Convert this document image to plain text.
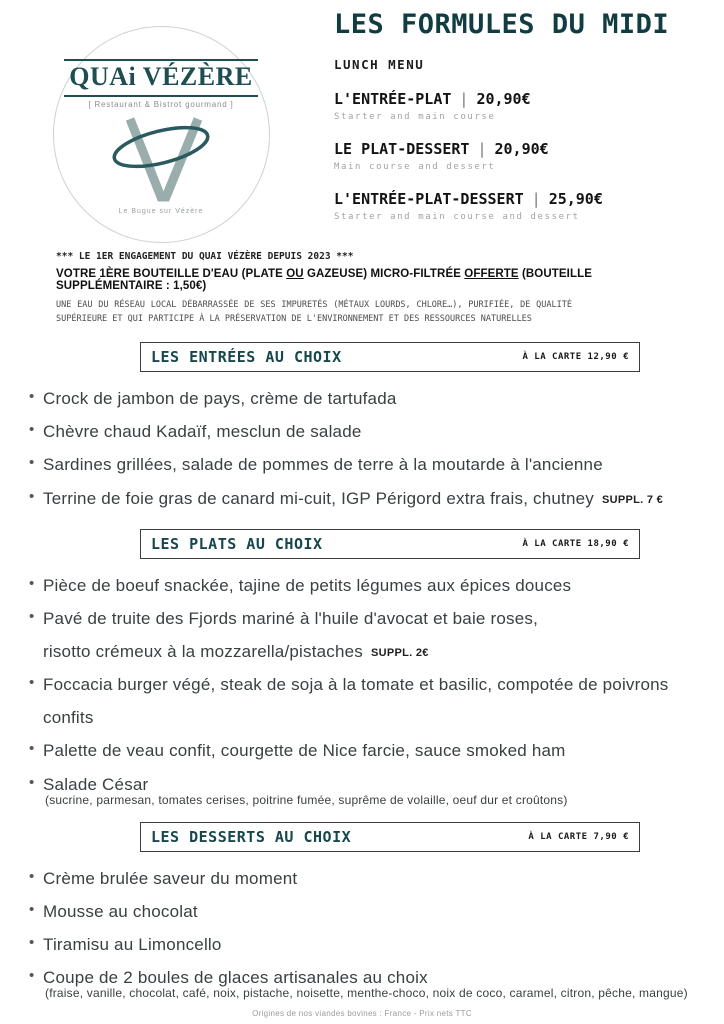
QUAi VÉZÈRE
[ Restaurant & Bistrot gourmand ]
Le Bugue sur Vézère
LES FORMULES DU MIDI
LUNCH MENU
L'ENTRÉE-PLAT | 20,90€
Starter and main course
LE PLAT-DESSERT | 20,90€
Main course and dessert
L'ENTRÉE-PLAT-DESSERT | 25,90€
Starter and main course and dessert
*** LE 1ER ENGAGEMENT DU QUAI VÉZÈRE DEPUIS 2023 ***
VOTRE 1ÈRE BOUTEILLE D'EAU (PLATE OU GAZEUSE) MICRO-FILTRÉE OFFERTE (BOUTEILLE SUPPLÉMENTAIRE : 1,50€)
UNE EAU DU RÉSEAU LOCAL DÉBARRASSÉE DE SES IMPURETÉS (MÉTAUX LOURDS, CHLORE…), PURIFIÉE, DE QUALITÉ SUPÉRIEURE ET QUI PARTICIPE À LA PRÉSERVATION DE L'ENVIRONNEMENT ET DES RESSOURCES NATURELLES
LES ENTRÉES AU CHOIX	À LA CARTE 12,90 €
• Crock de jambon de pays, crème de tartufada
• Chèvre chaud Kadaïf, mesclun de salade
• Sardines grillées, salade de pommes de terre à la moutarde à l'ancienne
• Terrine de foie gras de canard mi-cuit, IGP Périgord extra frais, chutney SUPPL. 7 €
LES PLATS AU CHOIX	À LA CARTE 18,90 €
• Pièce de boeuf snackée, tajine de petits légumes aux épices douces
• Pavé de truite des Fjords mariné à l'huile d'avocat et baie roses,
risotto crémeux à la mozzarella/pistaches SUPPL. 2€
• Foccacia burger végé, steak de soja à la tomate et basilic, compotée de poivrons confits
• Palette de veau confit, courgette de Nice farcie, sauce smoked ham
• Salade César
(sucrine, parmesan, tomates cerises, poitrine fumée, suprême de volaille, oeuf dur et croûtons)
LES DESSERTS AU CHOIX	À LA CARTE 7,90 €
• Crème brulée saveur du moment
• Mousse au chocolat
• Tiramisu au Limoncello
• Coupe de 2 boules de glaces artisanales au choix
(fraise, vanille, chocolat, café, noix, pistache, noisette, menthe-choco, noix de coco, caramel, citron, pêche, mangue)
Origines de nos viandes bovines : France - Prix nets TTC
